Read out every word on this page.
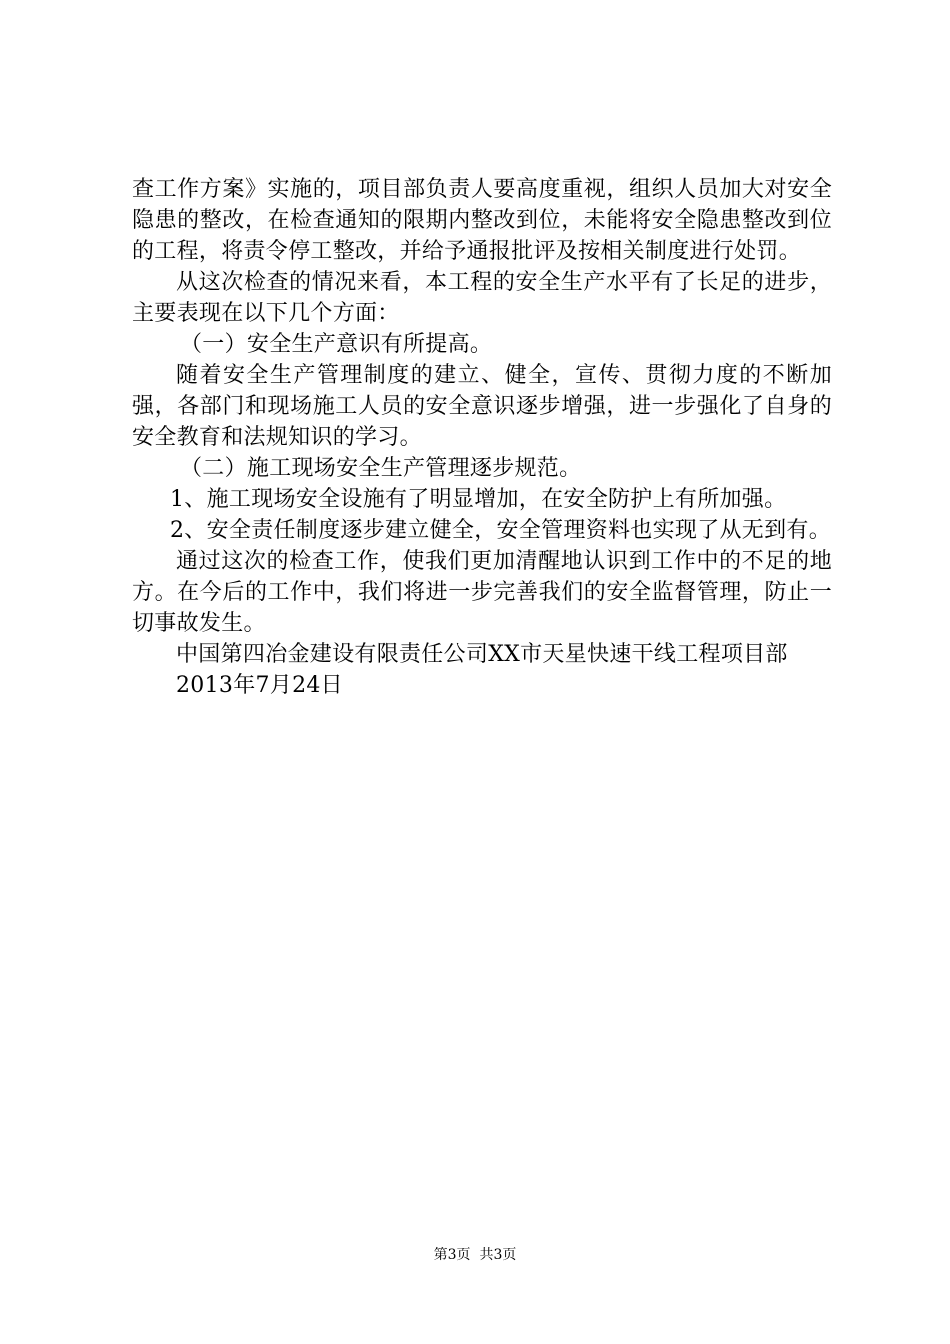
查工作方案》实施的，项目部负责人要高度重视，组织人员加大对安全隐患的整改，在检查通知的限期内整改到位，未能将安全隐患整改到位的工程，将责令停工整改，并给予通报批评及按相关制度进行处罚。

从这次检查的情况来看，本工程的安全生产水平有了长足的进步，主要表现在以下几个方面：

（一）安全生产意识有所提高。

随着安全生产管理制度的建立、健全，宣传、贯彻力度的不断加强，各部门和现场施工人员的安全意识逐步增强，进一步强化了自身的安全教育和法规知识的学习。

（二）施工现场安全生产管理逐步规范。

1、施工现场安全设施有了明显增加，在安全防护上有所加强。

2、安全责任制度逐步建立健全，安全管理资料也实现了从无到有。

通过这次的检查工作，使我们更加清醒地认识到工作中的不足的地方。在今后的工作中，我们将进一步完善我们的安全监督管理，防止一切事故发生。

中国第四冶金建设有限责任公司XX市天星快速干线工程项目部

2013年7月24日

第3页  共3页
